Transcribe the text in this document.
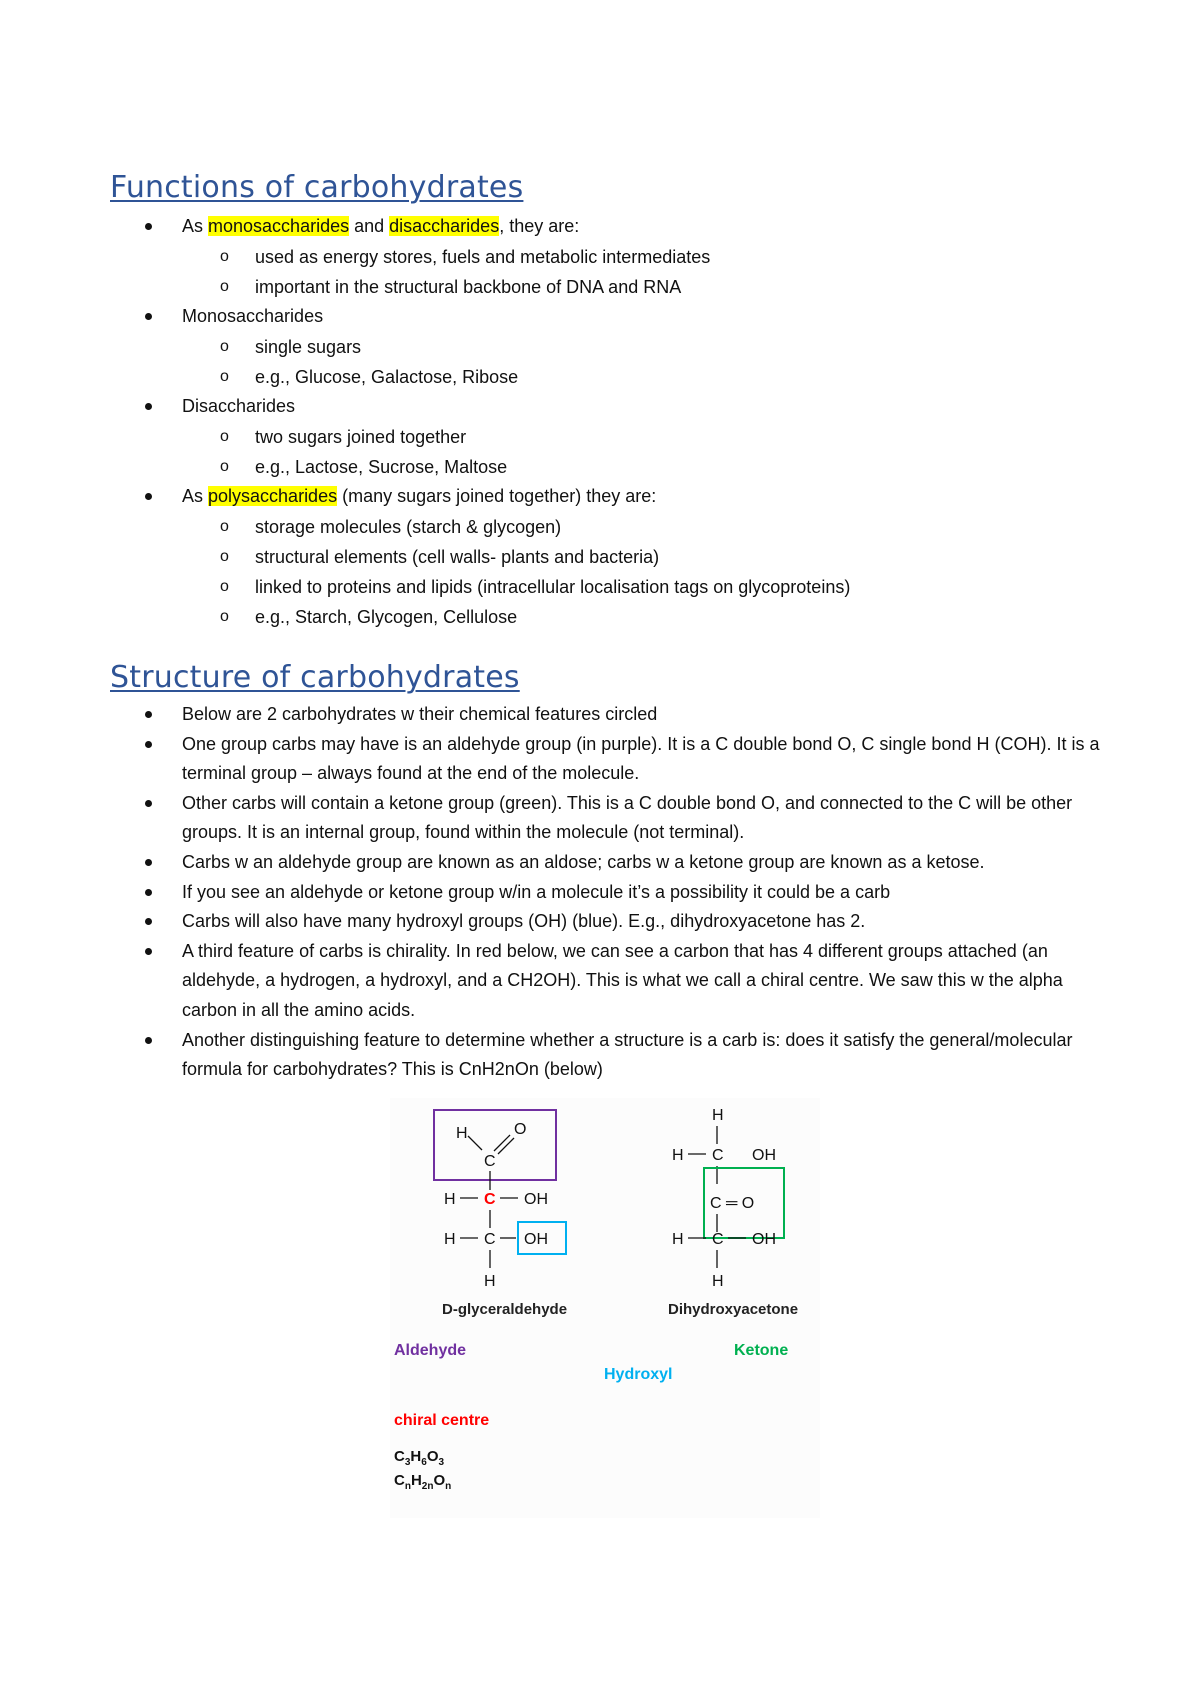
Functions of carbohydrates
As monosaccharides and disaccharides, they are:
o used as energy stores, fuels and metabolic intermediates
o important in the structural backbone of DNA and RNA
Monosaccharides
o single sugars
o e.g., Glucose, Galactose, Ribose
Disaccharides
o two sugars joined together
o e.g., Lactose, Sucrose, Maltose
As polysaccharides (many sugars joined together) they are:
o storage molecules (starch & glycogen)
o structural elements (cell walls- plants and bacteria)
o linked to proteins and lipids (intracellular localisation tags on glycoproteins)
o e.g., Starch, Glycogen, Cellulose
Structure of carbohydrates
Below are 2 carbohydrates w their chemical features circled
One group carbs may have is an aldehyde group (in purple). It is a C double bond O, C single bond H (COH). It is a terminal group – always found at the end of the molecule.
Other carbs will contain a ketone group (green). This is a C double bond O, and connected to the C will be other groups. It is an internal group, found within the molecule (not terminal).
Carbs w an aldehyde group are known as an aldose; carbs w a ketone group are known as a ketose.
If you see an aldehyde or ketone group w/in a molecule it’s a possibility it could be a carb
Carbs will also have many hydroxyl groups (OH) (blue). E.g., dihydroxyacetone has 2.
A third feature of carbs is chirality. In red below, we can see a carbon that has 4 different groups attached (an aldehyde, a hydrogen, a hydroxyl, and a CH2OH). This is what we call a chiral centre. We saw this w the alpha carbon in all the amino acids.
Another distinguishing feature to determine whether a structure is a carb is: does it satisfy the general/molecular formula for carbohydrates? This is CnH2nOn (below)
H
C
O
H C OH
H C OH
H
H
H C OH
C ═ O
H C OH
H
D-glyceraldehyde	Dihydroxyacetone
Aldehyde	Ketone
Hydroxyl
chiral centre
$C_3H_6O_3$
$C_nH_{2n}O_n$
